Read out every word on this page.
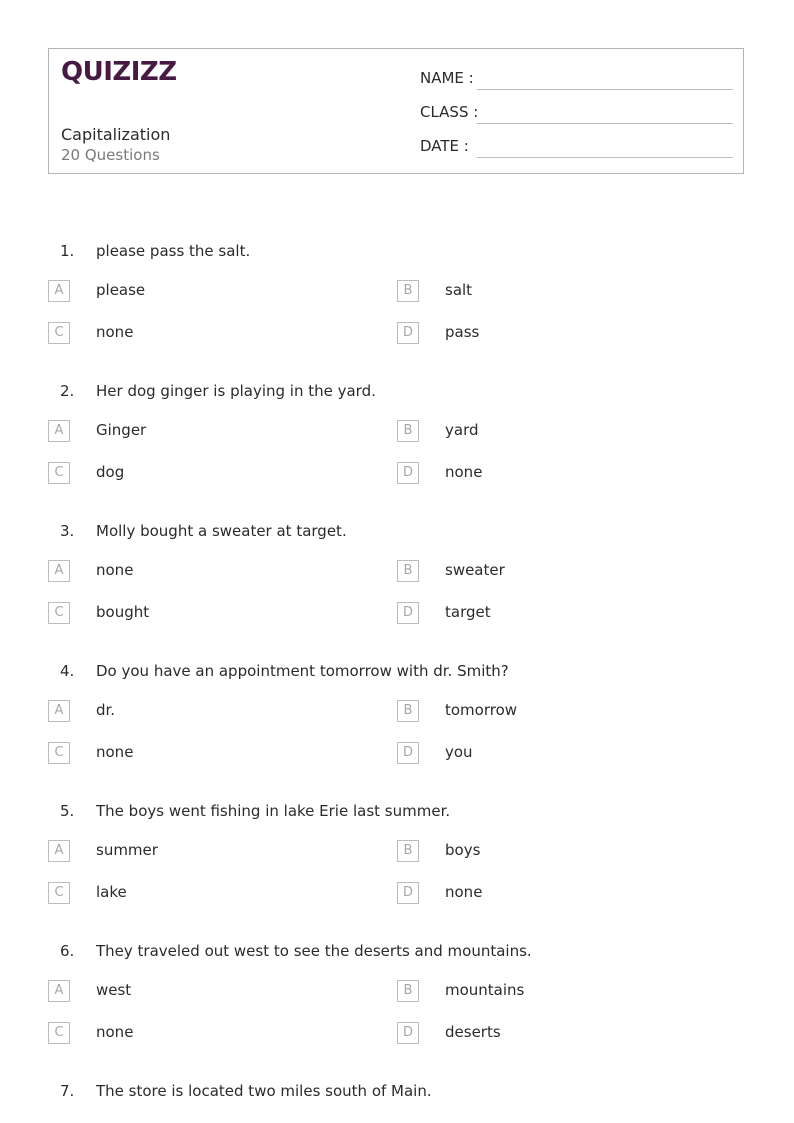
QUIZIZZ
Capitalization
20 Questions
NAME :
CLASS :
DATE :
1. please pass the salt.
A	please	B	salt
C	none	D	pass
2. Her dog ginger is playing in the yard.
A	Ginger	B	yard
C	dog	D	none
3. Molly bought a sweater at target.
A	none	B	sweater
C	bought	D	target
4. Do you have an appointment tomorrow with dr. Smith?
A	dr.	B	tomorrow
C	none	D	you
5. The boys went fishing in lake Erie last summer.
A	summer	B	boys
C	lake	D	none
6. They traveled out west to see the deserts and mountains.
A	west	B	mountains
C	none	D	deserts
7. The store is located two miles south of Main.
